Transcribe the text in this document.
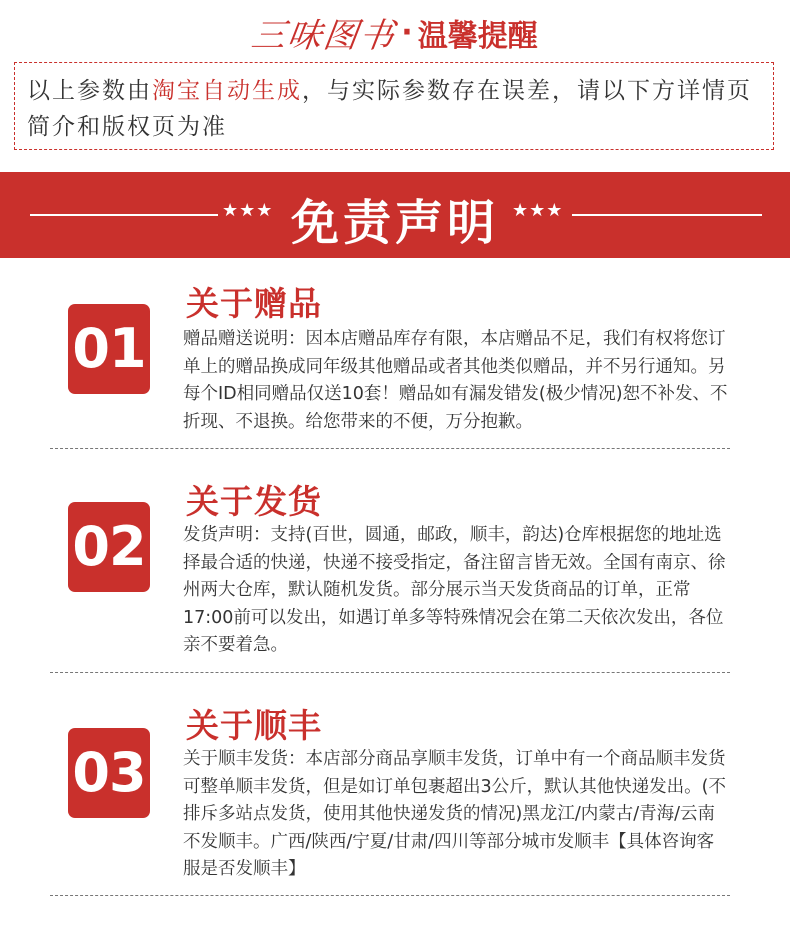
三味图书 · 温馨提醒
以上参数由淘宝自动生成，与实际参数存在误差，请以下方详情页简介和版权页为准
★★★ 免责声明 ★★★
01
关于赠品
赠品赠送说明：因本店赠品库存有限，本店赠品不足，我们有权将您订单上的赠品换成同年级其他赠品或者其他类似赠品，并不另行通知。另每个ID相同赠品仅送10套！赠品如有漏发错发(极少情况)恕不补发、不折现、不退换。给您带来的不便，万分抱歉。
02
关于发货
发货声明：支持(百世，圆通，邮政，顺丰，韵达)仓库根据您的地址选择最合适的快递，快递不接受指定，备注留言皆无效。全国有南京、徐州两大仓库，默认随机发货。部分展示当天发货商品的订单，正常17:00前可以发出，如遇订单多等特殊情况会在第二天依次发出，各位亲不要着急。
03
关于顺丰
关于顺丰发货：本店部分商品享顺丰发货，订单中有一个商品顺丰发货可整单顺丰发货，但是如订单包裹超出3公斤，默认其他快递发出。(不排斥多站点发货，使用其他快递发货的情况)黑龙江/内蒙古/青海/云南不发顺丰。广西/陕西/宁夏/甘肃/四川等部分城市发顺丰【具体咨询客服是否发顺丰】
